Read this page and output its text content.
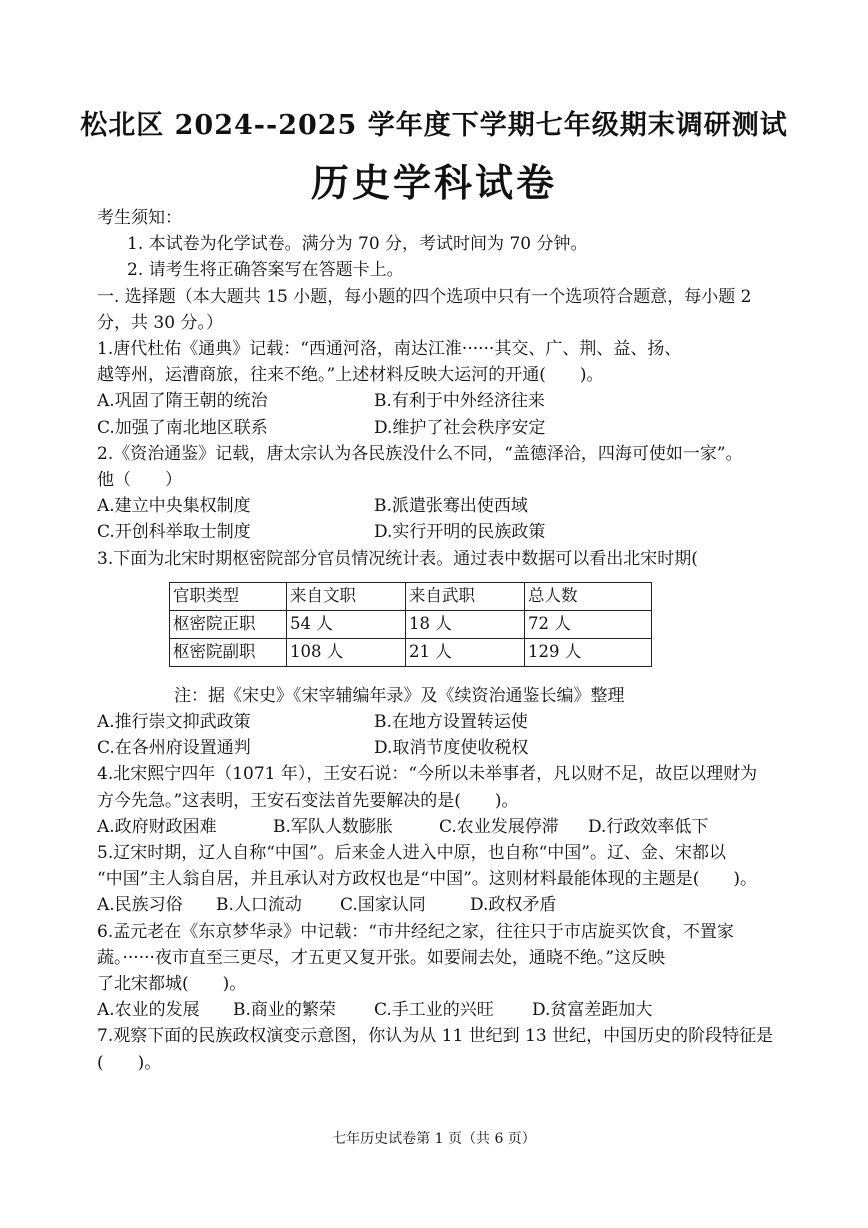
松北区 2024--2025 学年度下学期七年级期末调研测试
历史学科试卷

考生须知：

1. 本试卷为化学试卷。满分为 70 分，考试时间为 70 分钟。

2. 请考生将正确答案写在答题卡上。

一. 选择题（本大题共 15 小题，每小题的四个选项中只有一个选项符合题意，每小题 2

分，共 30 分。）

1.唐代杜佑《通典》记载：“西通河洛，南达江淮······其交、广、荆、益、扬、

越等州，运漕商旅，往来不绝。”上述材料反映大运河的开通(　　)。

A.巩固了隋王朝的统治	B.有利于中外经济往来
C.加强了南北地区联系	D.维护了社会秩序安定

2.《资治通鉴》记载，唐太宗认为各民族没什么不同，“盖德泽洽，四海可使如一家”。

他（　　）

A.建立中央集权制度	B.派遣张骞出使西域
C.开创科举取士制度	D.实行开明的民族政策

3.下面为北宋时期枢密院部分官员情况统计表。通过表中数据可以看出北宋时期(

官职类型	来自文职	来自武职	总人数
枢密院正职	54 人	18 人	72 人
枢密院副职	108 人	21 人	129 人

注：据《宋史》《宋宰辅编年录》及《续资治通鉴长编》整理

A.推行崇文抑武政策	B.在地方设置转运使
C.在各州府设置通判	D.取消节度使收税权

4.北宋熙宁四年（1071 年），王安石说：“今所以未举事者，凡以财不足，故臣以理财为

方今先急。”这表明，王安石变法首先要解决的是(　　)。

A.政府财政困难	B.军队人数膨胀	C.农业发展停滞	D.行政效率低下

5.辽宋时期，辽人自称“中国”。后来金人进入中原，也自称“中国”。辽、金、宋都以

“中国”主人翁自居，并且承认对方政权也是“中国”。这则材料最能体现的主题是(　　)。

A.民族习俗	B.人口流动	C.国家认同	D.政权矛盾

6.孟元老在《东京梦华录》中记载：“市井经纪之家，往往只于市店旋买饮食，不置家

蔬。······夜市直至三更尽，才五更又复开张。如要闹去处，通晓不绝。”这反映

了北宋都城(　　)。

A.农业的发展	B.商业的繁荣	C.手工业的兴旺	D.贫富差距加大

7.观察下面的民族政权演变示意图，你认为从 11 世纪到 13 世纪，中国历史的阶段特征是

(　　)。

七年历史试卷第 1 页（共 6 页）
